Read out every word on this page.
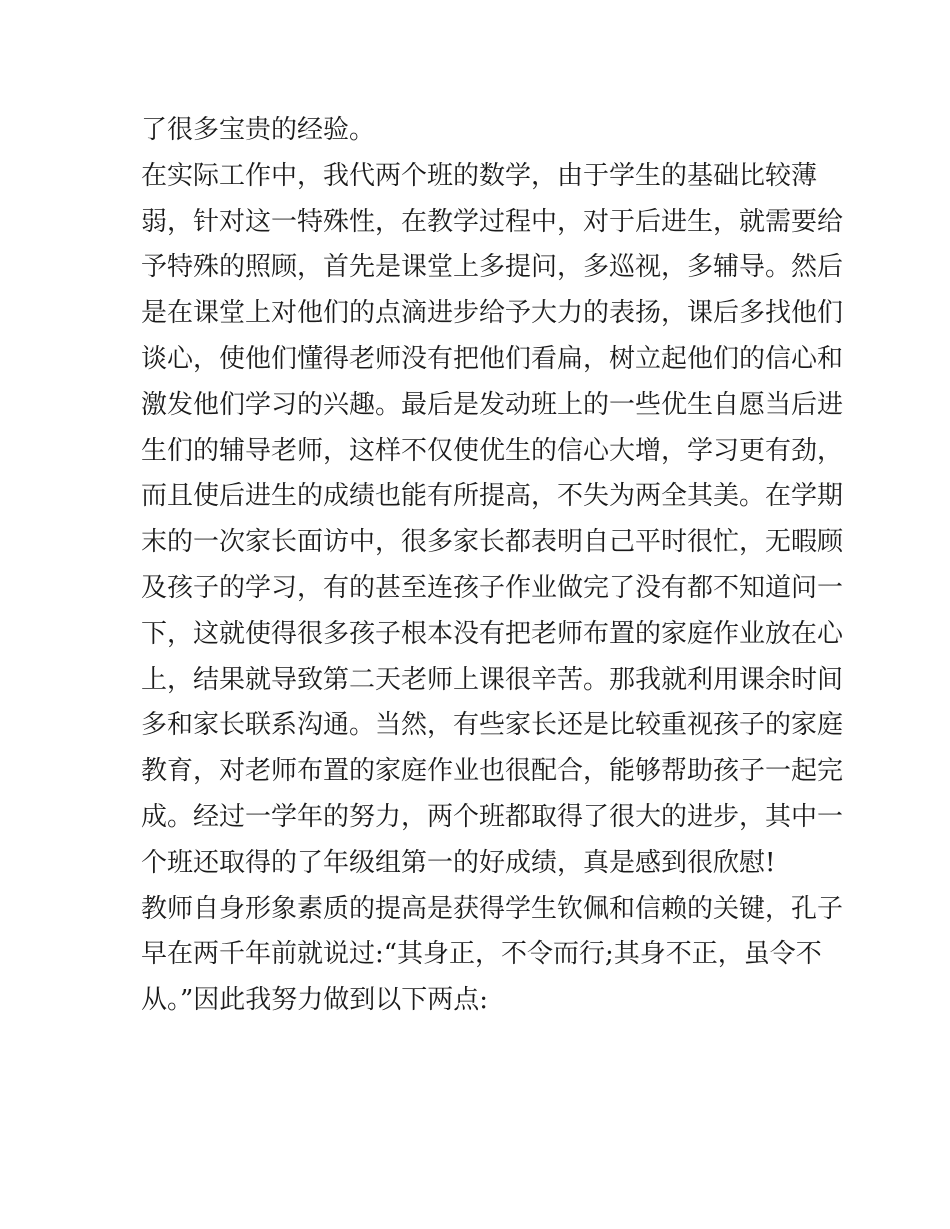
了很多宝贵的经验。
在实际工作中，我代两个班的数学，由于学生的基础比较薄
弱，针对这一特殊性，在教学过程中，对于后进生，就需要给
予特殊的照顾，首先是课堂上多提问，多巡视，多辅导。然后
是在课堂上对他们的点滴进步给予大力的表扬，课后多找他们
谈心，使他们懂得老师没有把他们看扁，树立起他们的信心和
激发他们学习的兴趣。最后是发动班上的一些优生自愿当后进
生们的辅导老师，这样不仅使优生的信心大增，学习更有劲，
而且使后进生的成绩也能有所提高，不失为两全其美。在学期
末的一次家长面访中，很多家长都表明自己平时很忙，无暇顾
及孩子的学习，有的甚至连孩子作业做完了没有都不知道问一
下，这就使得很多孩子根本没有把老师布置的家庭作业放在心
上，结果就导致第二天老师上课很辛苦。那我就利用课余时间
多和家长联系沟通。当然，有些家长还是比较重视孩子的家庭
教育，对老师布置的家庭作业也很配合，能够帮助孩子一起完
成。经过一学年的努力，两个班都取得了很大的进步，其中一
个班还取得的了年级组第一的好成绩，真是感到很欣慰!
教师自身形象素质的提高是获得学生钦佩和信赖的关键，孔子
早在两千年前就说过:“其身正，不令而行;其身不正，虽令不
从。”因此我努力做到以下两点:
